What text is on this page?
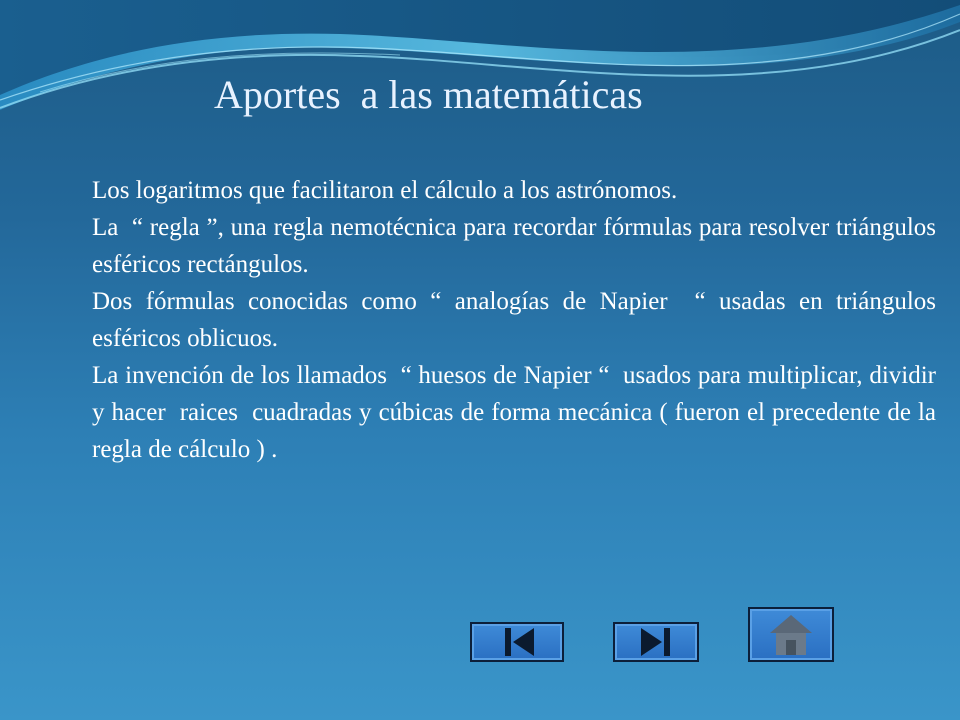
Aportes  a las matemáticas

Los logaritmos que facilitaron el cálculo a los astrónomos.

La  “ regla ”, una regla nemotécnica para recordar fórmulas para resolver triángulos esféricos rectángulos.

Dos fórmulas conocidas como “ analogías de Napier  “ usadas en triángulos esféricos oblicuos.

La invención de los llamados  “ huesos de Napier “  usados para multiplicar, dividir y hacer  raices  cuadradas y cúbicas de forma mecánica ( fueron el precedente de la regla de cálculo ) .
